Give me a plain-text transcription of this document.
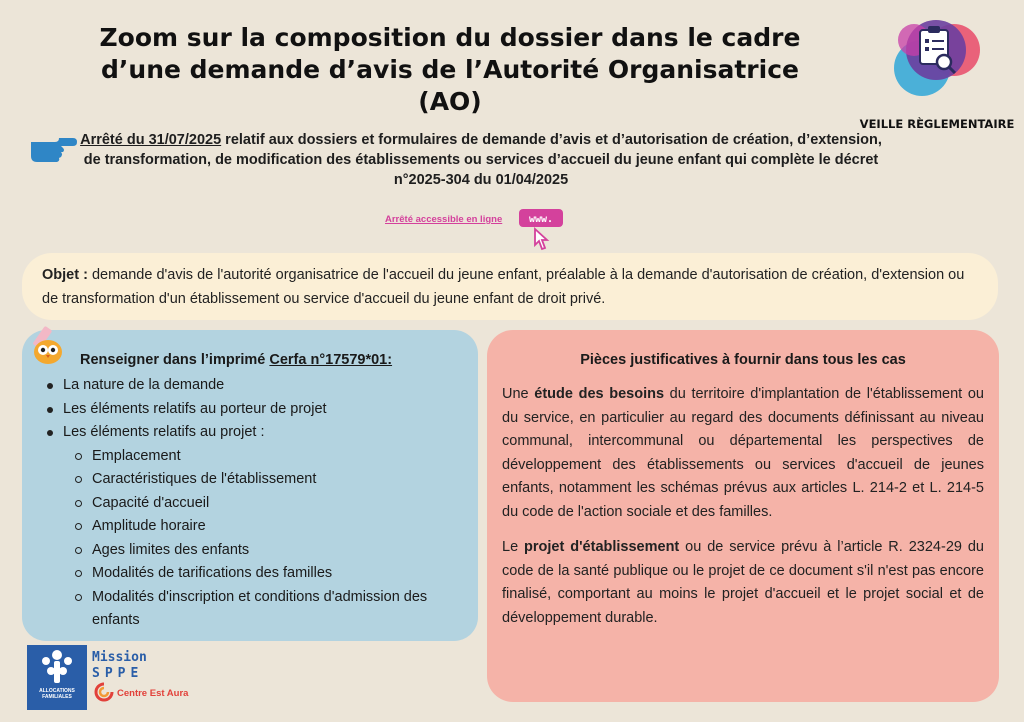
Zoom sur la composition du dossier dans le cadre d’une demande d’avis de l’Autorité Organisatrice (AO)
VEILLE RÈGLEMENTAIRE
Arrêté du 31/07/2025 relatif aux dossiers et formulaires de demande d’avis et d’autorisation de création, d’extension, de transformation, de modification des établissements ou services d’accueil du jeune enfant qui complète le décret n°2025-304 du 01/04/2025
Arrêté accessible en ligne	www.
Objet : demande d'avis de l'autorité organisatrice de l'accueil du jeune enfant, préalable à la demande d'autorisation de création, d'extension ou de transformation d'un établissement ou service d'accueil du jeune enfant de droit privé.
Renseigner dans l’imprimé Cerfa n°17579*01:
La nature de la demande
Les éléments relatifs au porteur de projet
Les éléments relatifs au projet :
Emplacement
Caractéristiques de l'établissement
Capacité d'accueil
Amplitude horaire
Ages limites des enfants
Modalités de tarifications des familles
Modalités d'inscription et conditions d'admission des enfants
Pièces justificatives à fournir dans tous les cas

Une étude des besoins du territoire d'implantation de l'établissement ou du service, en particulier au regard des documents définissant au niveau communal, intercommunal ou départemental les perspectives de développement des établissements ou services d'accueil de jeunes enfants, notamment les schémas prévus aux articles L. 214-2 et L. 214-5 du code de l'action sociale et des familles.

Le projet d'établissement ou de service prévu à l’article R. 2324-29 du code de la santé publique ou le projet de ce document s'il n'est pas encore finalisé, comportant au moins le projet d'accueil et le projet social et de développement durable.

ALLOCATIONS FAMILIALES
Mission
SPPE
Centre Est Aura
